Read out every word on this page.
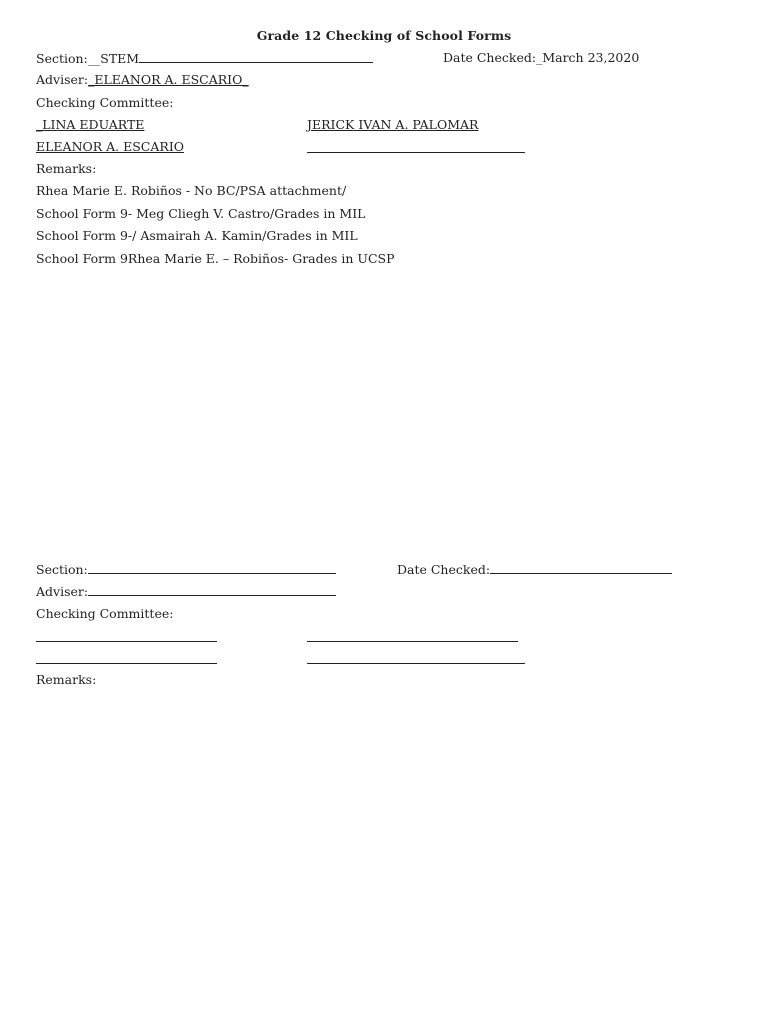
Grade 12 Checking of School Forms
Section:__STEM	Date Checked:_March 23,2020
Adviser:_ELEANOR A. ESCARIO_
Checking Committee:
_LINA EDUARTE	JERICK IVAN A. PALOMAR
ELEANOR A. ESCARIO
Remarks:
Rhea Marie E. Robiños - No BC/PSA attachment/
School Form 9- Meg Cliegh V. Castro/Grades in MIL
School Form 9-/ Asmairah A. Kamin/Grades in MIL
School Form 9Rhea Marie E. – Robiños- Grades in UCSP
Section:	Date Checked:
Adviser:
Checking Committee:
Remarks:
